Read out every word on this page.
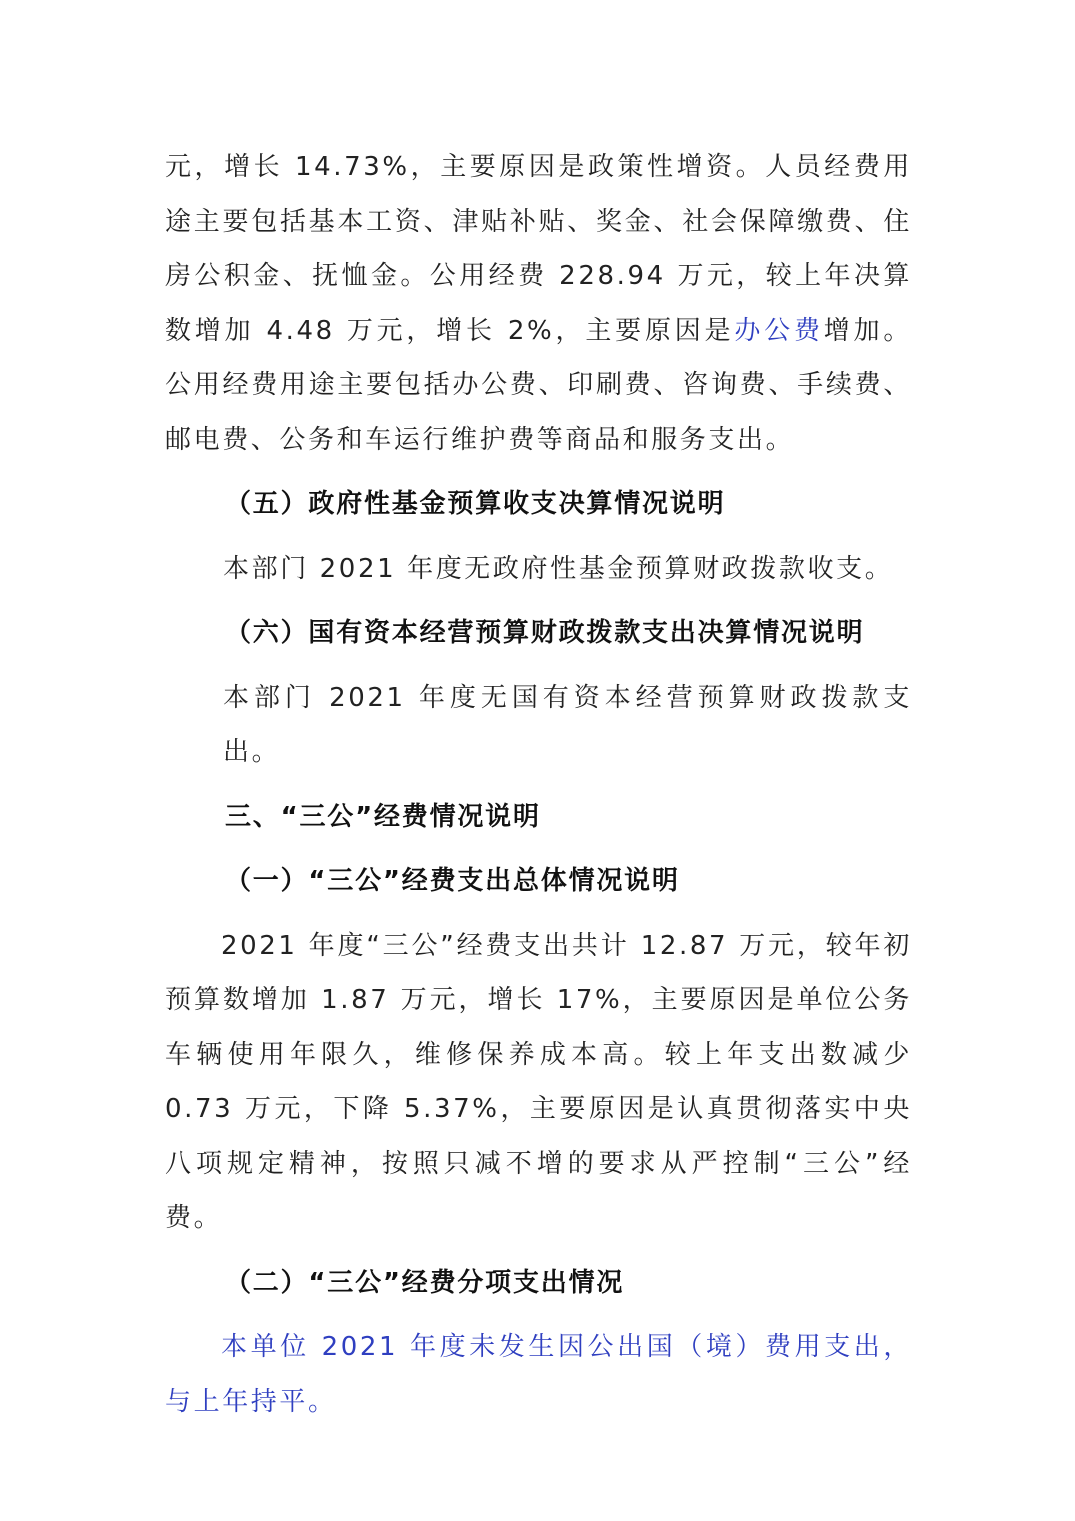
元，增长 14.73%，主要原因是政策性增资。人员经费用途主要包括基本工资、津贴补贴、奖金、社会保障缴费、住房公积金、抚恤金。公用经费 228.94 万元，较上年决算数增加 4.48 万元，增长 2%，主要原因是办公费增加。公用经费用途主要包括办公费、印刷费、咨询费、手续费、邮电费、公务和车运行维护费等商品和服务支出。

（五）政府性基金预算收支决算情况说明

本部门 2021 年度无政府性基金预算财政拨款收支。

（六）国有资本经营预算财政拨款支出决算情况说明

本部门 2021 年度无国有资本经营预算财政拨款支出。

三、“三公”经费情况说明

（一）“三公”经费支出总体情况说明

2021 年度“三公”经费支出共计 12.87 万元，较年初预算数增加 1.87 万元，增长 17%，主要原因是单位公务车辆使用年限久，维修保养成本高。较上年支出数减少 0.73 万元，下降 5.37%，主要原因是认真贯彻落实中央八项规定精神，按照只减不增的要求从严控制“三公”经费。

（二）“三公”经费分项支出情况

本单位 2021 年度未发生因公出国（境）费用支出，与上年持平。
